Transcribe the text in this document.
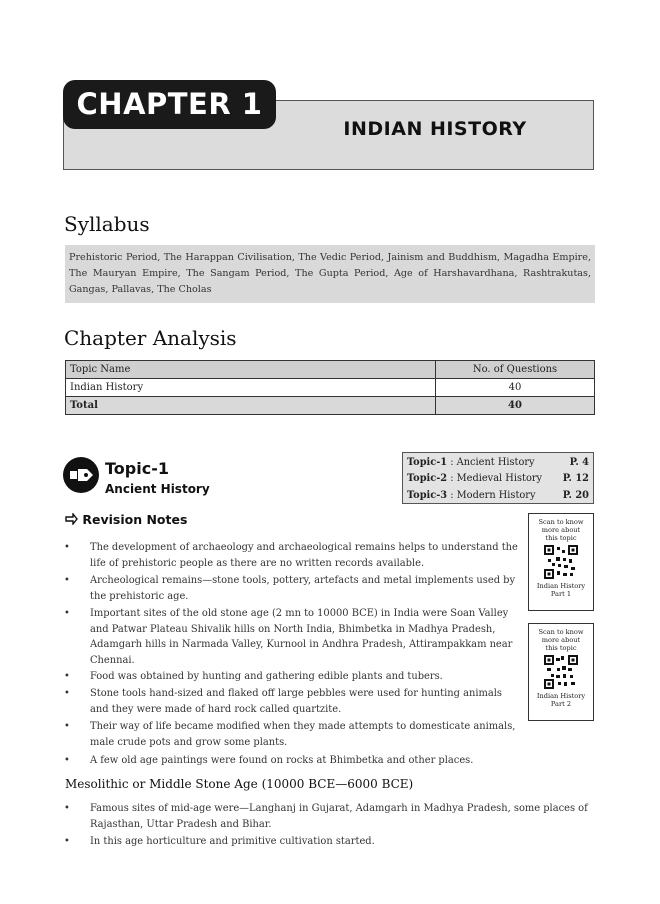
CHAPTER 1
INDIAN HISTORY
Syllabus
Prehistoric Period, The Harappan Civilisation, The Vedic Period, Jainism and Buddhism, Magadha Empire, The Mauryan Empire, The Sangam Period, The Gupta Period, Age of Harshavardhana, Rashtrakutas, Gangas, Pallavas, The Cholas
Chapter Analysis
Topic Name	No. of Questions
Indian History	40
Total	40
Topic-1
Ancient History
Topic-1 : Ancient History	P. 4
Topic-2 : Medieval History P. 12
Topic-3 : Modern History	P. 20
Revision Notes
• The development of archaeology and archaeological remains helps to understand the life of prehistoric people as there are no written records available.
• Archeological remains—stone tools, pottery, artefacts and metal implements used by the prehistoric age.
• Important sites of the old stone age (2 mn to 10000 BCE) in India were Soan Valley and Patwar Plateau Shivalik hills on North India, Bhimbetka in Madhya Pradesh, Adamgarh hills in Narmada Valley, Kurnool in Andhra Pradesh, Attirampakkam near Chennai.
• Food was obtained by hunting and gathering edible plants and tubers.
• Stone tools hand-sized and flaked off large pebbles were used for hunting animals and they were made of hard rock called quartzite.
• Their way of life became modified when they made attempts to domesticate animals, male crude pots and grow some plants.
• A few old age paintings were found on rocks at Bhimbetka and other places.
Mesolithic or Middle Stone Age (10000 BCE—6000 BCE)
• Famous sites of mid-age were—Langhanj in Gujarat, Adamgarh in Madhya Pradesh, some places of Rajasthan, Uttar Pradesh and Bihar.
• In this age horticulture and primitive cultivation started.
Scan to know more about this topic
Indian History
Part 1
Scan to know more about this topic
Indian History
Part 2
